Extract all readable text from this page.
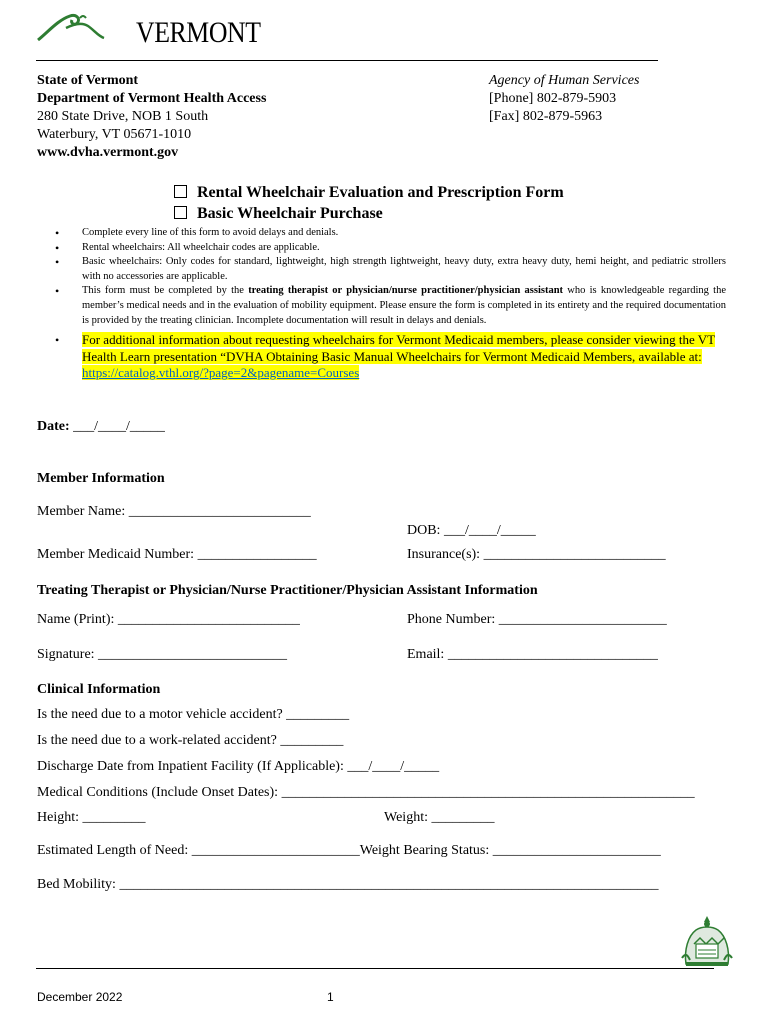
VERMONT
State of Vermont
Department of Vermont Health Access
280 State Drive, NOB 1 South
Waterbury, VT 05671-1010
www.dvha.vermont.gov
Agency of Human Services
[Phone] 802-879-5903
[Fax] 802-879-5963
Rental Wheelchair Evaluation and Prescription Form
Basic Wheelchair Purchase
• Complete every line of this form to avoid delays and denials.
• Rental wheelchairs: All wheelchair codes are applicable.
• Basic wheelchairs: Only codes for standard, lightweight, high strength lightweight, heavy duty, extra heavy duty, hemi height, and pediatric strollers with no accessories are applicable.
• This form must be completed by the treating therapist or physician/nurse practitioner/physician assistant who is knowledgeable regarding the member’s medical needs and in the evaluation of mobility equipment. Please ensure the form is completed in its entirety and the required documentation is provided by the treating clinician. Incomplete documentation will result in delays and denials.
• For additional information about requesting wheelchairs for Vermont Medicaid members, please consider viewing the VT Health Learn presentation “DVHA Obtaining Basic Manual Wheelchairs for Vermont Medicaid Members, available at: https://catalog.vthl.org/?page=2&pagename=Courses
Date: ___/____/_____
Member Information
Member Name: __________________________
DOB: ___/____/_____
Member Medicaid Number: _________________	Insurance(s): __________________________
Treating Therapist or Physician/Nurse Practitioner/Physician Assistant Information
Name (Print): __________________________	Phone Number: ________________________
Signature: ___________________________	Email: ______________________________
Clinical Information
Is the need due to a motor vehicle accident? _________
Is the need due to a work-related accident? _________
Discharge Date from Inpatient Facility (If Applicable): ___/____/_____
Medical Conditions (Include Onset Dates): ___________________________________________________________
Height: _________	Weight: _________
Estimated Length of Need: ________________________Weight Bearing Status: ________________________
Bed Mobility: _____________________________________________________________________________
December 2022	1
